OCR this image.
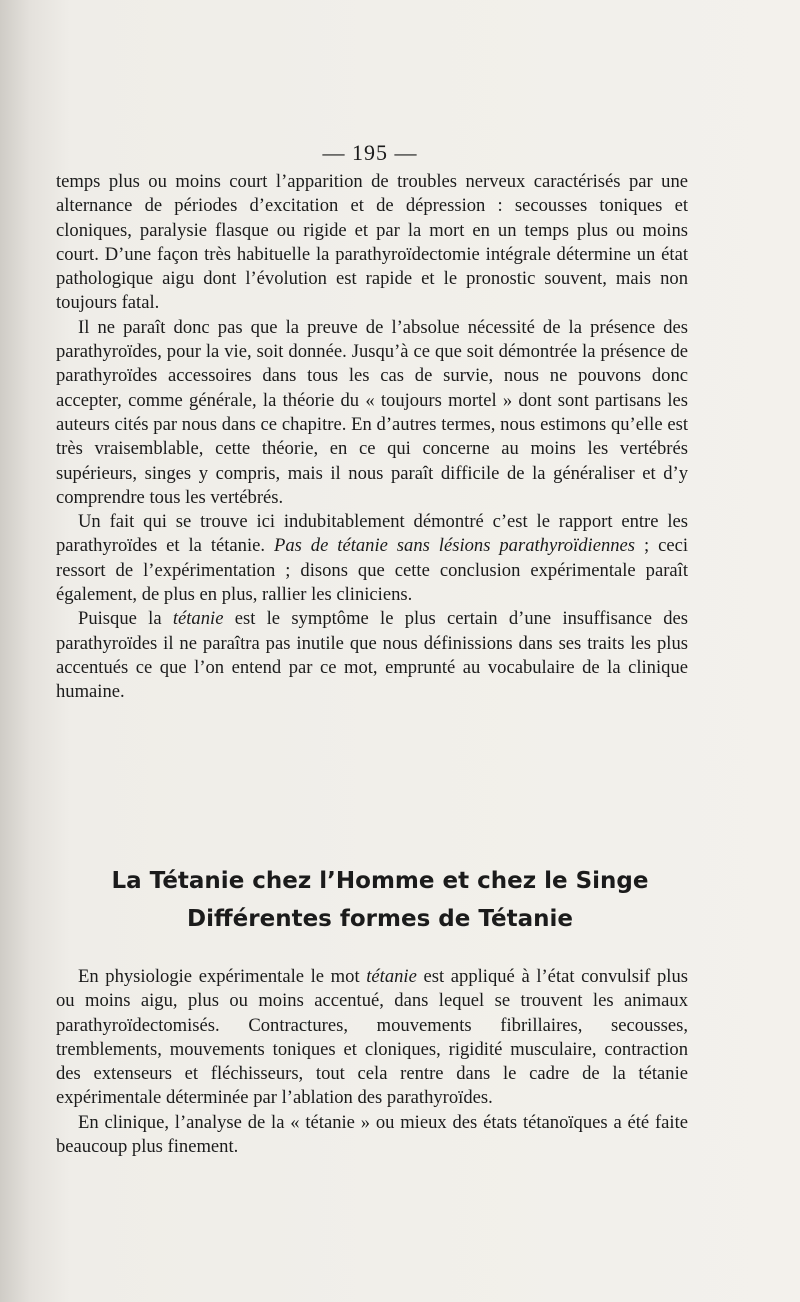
— 195 —

temps plus ou moins court l’apparition de troubles nerveux caractérisés par une alternance de périodes d’excitation et de dépression : secousses toniques et cloniques, paralysie flasque ou rigide et par la mort en un temps plus ou moins court. D’une façon très habituelle la parathyroïdectomie intégrale détermine un état pathologique aigu dont l’évolution est rapide et le pronostic souvent, mais non toujours fatal.

Il ne paraît donc pas que la preuve de l’absolue nécessité de la présence des parathyroïdes, pour la vie, soit donnée. Jusqu’à ce que soit démontrée la présence de parathyroïdes accessoires dans tous les cas de survie, nous ne pouvons donc accepter, comme générale, la théorie du « toujours mortel » dont sont partisans les auteurs cités par nous dans ce chapitre. En d’autres termes, nous estimons qu’elle est très vraisemblable, cette théorie, en ce qui concerne au moins les vertébrés supérieurs, singes y compris, mais il nous paraît difficile de la généraliser et d’y comprendre tous les vertébrés.

Un fait qui se trouve ici indubitablement démontré c’est le rapport entre les parathyroïdes et la tétanie. Pas de tétanie sans lésions parathyroïdiennes ; ceci ressort de l’expérimentation ; disons que cette conclusion expérimentale paraît également, de plus en plus, rallier les cliniciens.

Puisque la tétanie est le symptôme le plus certain d’une insuffisance des parathyroïdes il ne paraîtra pas inutile que nous définissions dans ses traits les plus accentués ce que l’on entend par ce mot, emprunté au vocabulaire de la clinique humaine.

La Tétanie chez l’Homme et chez le Singe
Différentes formes de Tétanie

En physiologie expérimentale le mot tétanie est appliqué à l’état convulsif plus ou moins aigu, plus ou moins accentué, dans lequel se trouvent les animaux parathyroïdectomisés. Contractures, mouvements fibrillaires, secousses, tremblements, mouvements toniques et cloniques, rigidité musculaire, contraction des extenseurs et fléchisseurs, tout cela rentre dans le cadre de la tétanie expérimentale déterminée par l’ablation des parathyroïdes.

En clinique, l’analyse de la « tétanie » ou mieux des états tétanoïques a été faite beaucoup plus finement.
